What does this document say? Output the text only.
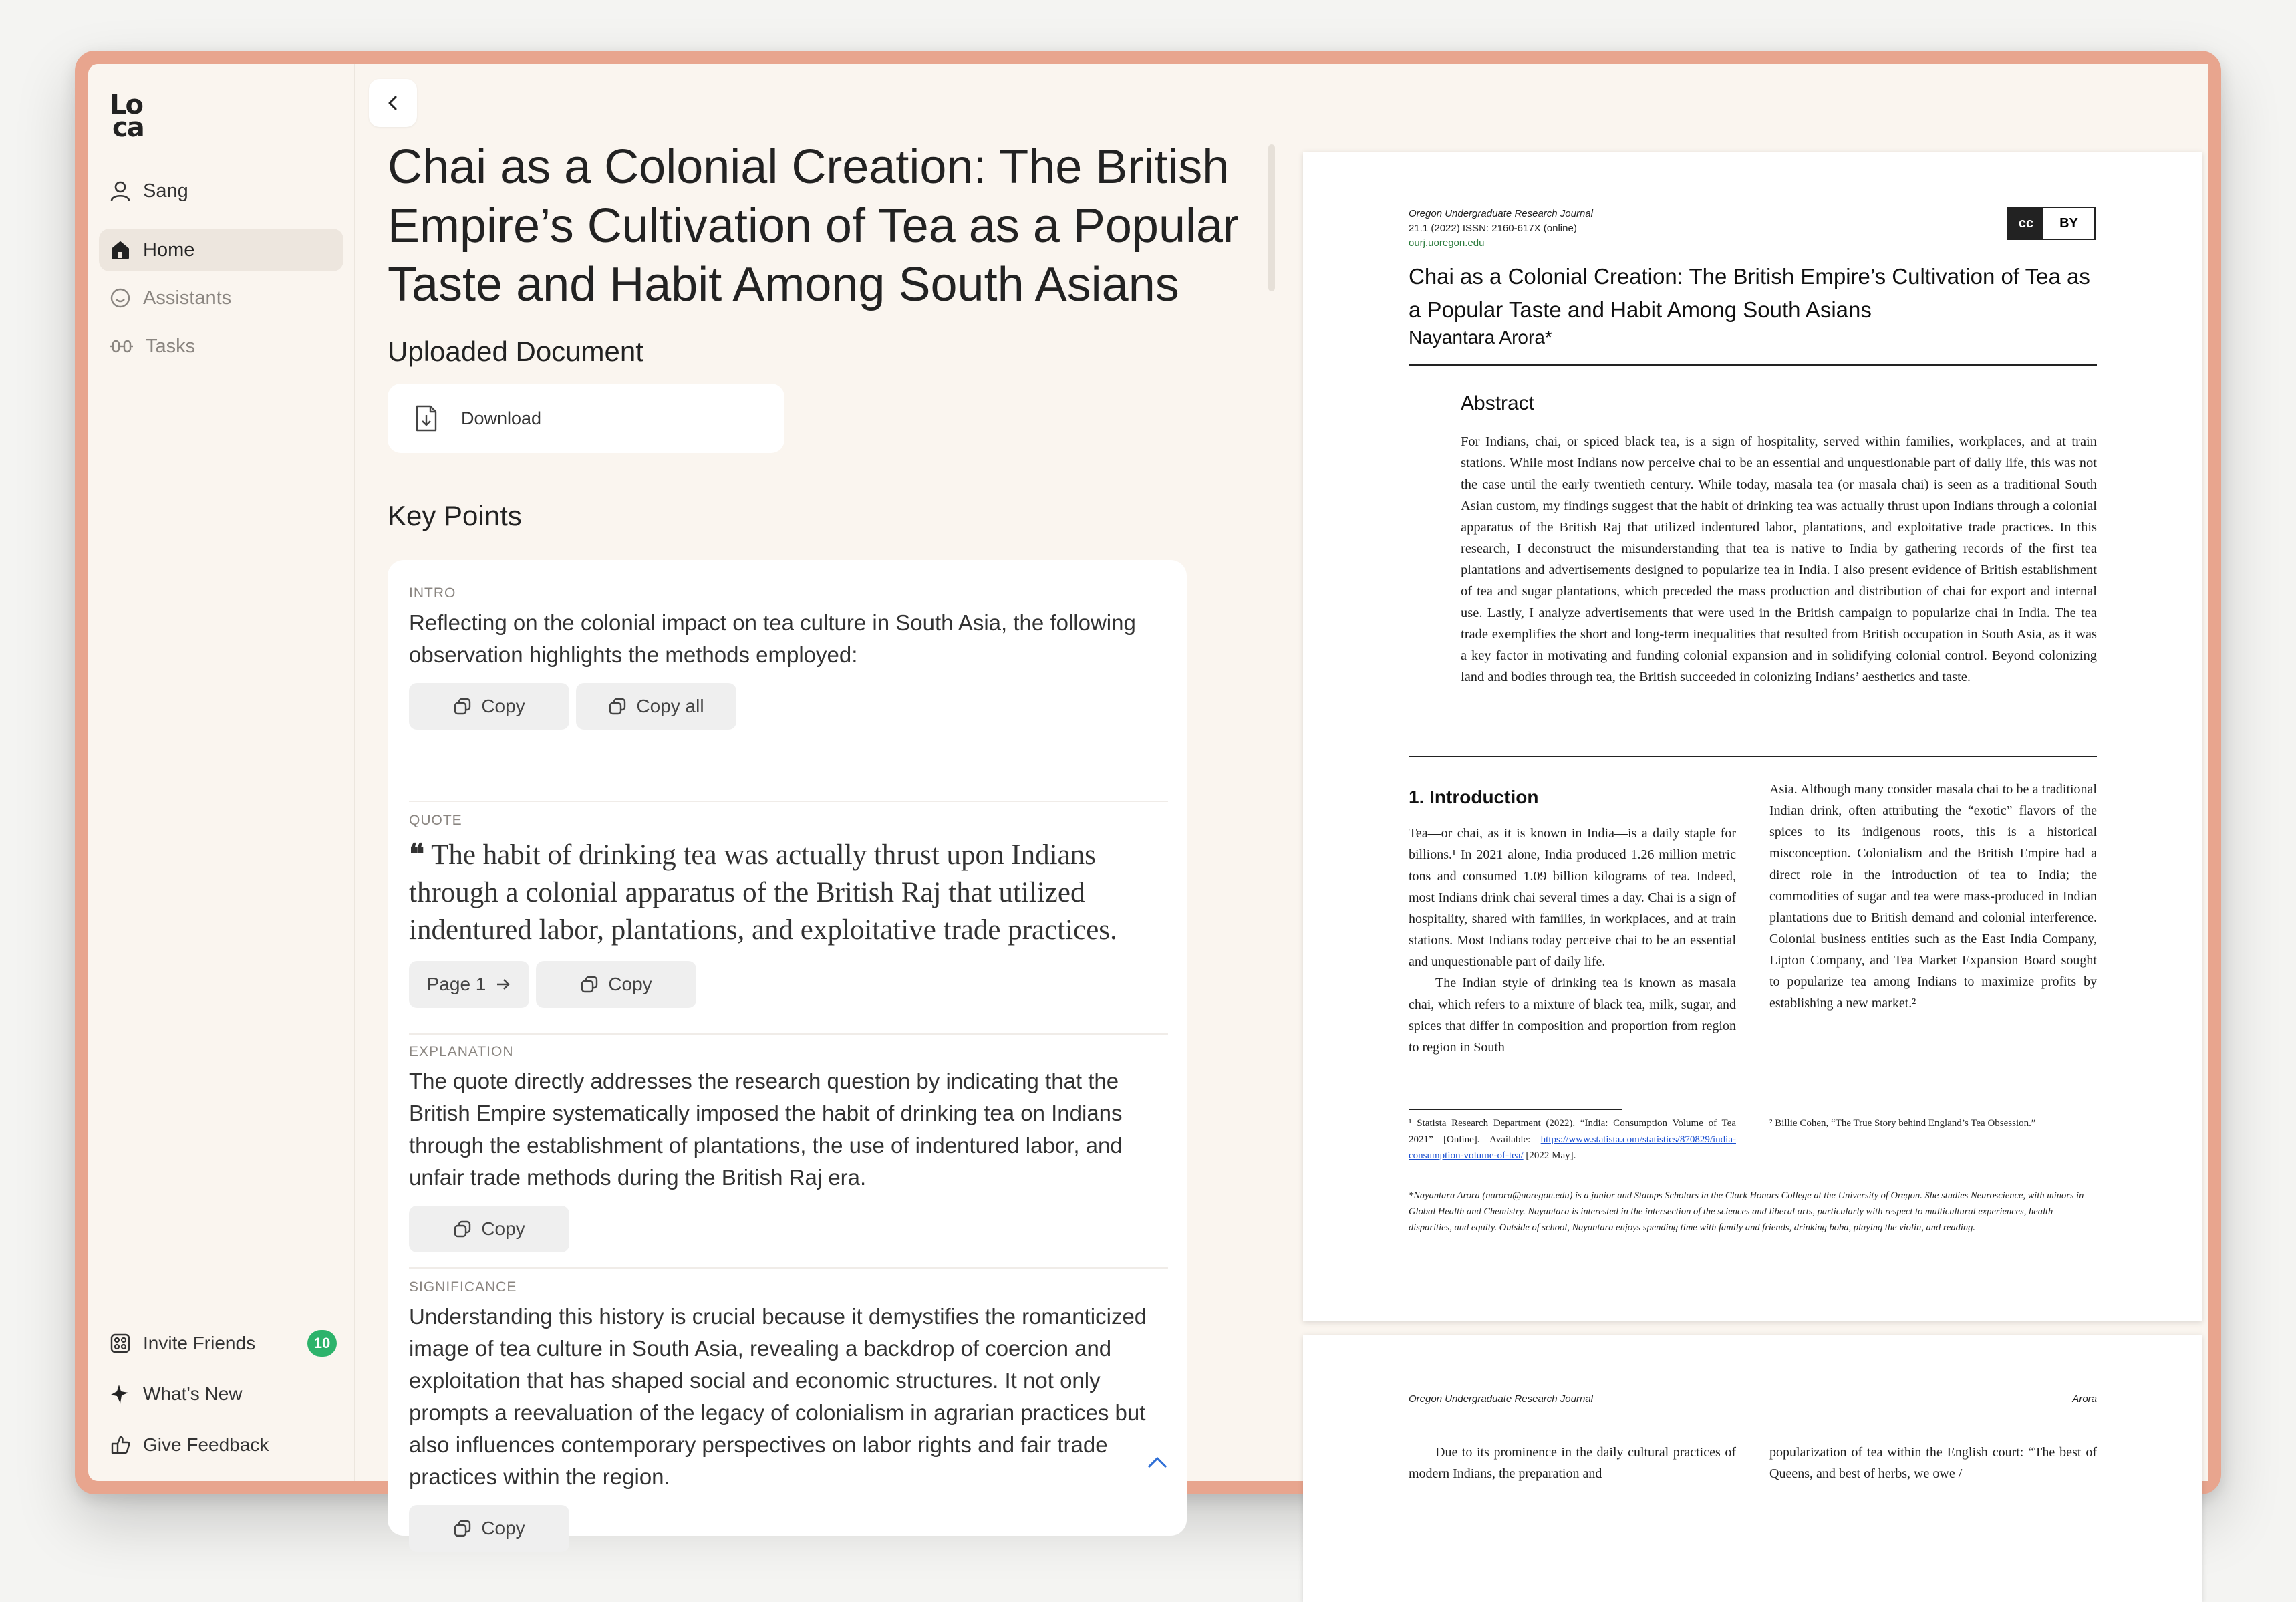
Lo
ca
Sang
Home
Assistants
Tasks
Invite Friends	10
What's New
Give Feedback
Chai as a Colonial Creation: The British Empire’s Cultivation of Tea as a Popular Taste and Habit Among South Asians
Uploaded Document
Download
Key Points
INTRO
Reflecting on the colonial impact on tea culture in South Asia, the following observation highlights the methods employed:
Copy	Copy all
QUOTE
❝ The habit of drinking tea was actually thrust upon Indians through a colonial apparatus of the British Raj that utilized indentured labor, plantations, and exploitative trade practices.
Page 1	Copy
EXPLANATION
The quote directly addresses the research question by indicating that the British Empire systematically imposed the habit of drinking tea on Indians through the establishment of plantations, the use of indentured labor, and unfair trade methods during the British Raj era.
Copy
SIGNIFICANCE
Understanding this history is crucial because it demystifies the romanticized image of tea culture in South Asia, revealing a backdrop of coercion and exploitation that has shaped social and economic structures. It not only prompts a reevaluation of the legacy of colonialism in agrarian practices but also influences contemporary perspectives on labor rights and fair trade practices within the region.
Copy
Oregon Undergraduate Research Journal
21.1 (2022) ISSN: 2160-617X (online)
ourj.uoregon.edu
cc	BY
Chai as a Colonial Creation: The British Empire’s Cultivation of Tea as a Popular Taste and Habit Among South Asians
Nayantara Arora*
Abstract
For Indians, chai, or spiced black tea, is a sign of hospitality, served within families, workplaces, and at train stations. While most Indians now perceive chai to be an essential and unquestionable part of daily life, this was not the case until the early twentieth century. While today, masala tea (or masala chai) is seen as a traditional South Asian custom, my findings suggest that the habit of drinking tea was actually thrust upon Indians through a colonial apparatus of the British Raj that utilized indentured labor, plantations, and exploitative trade practices. In this research, I deconstruct the misunderstanding that tea is native to India by gathering records of the first tea plantations and advertisements designed to popularize tea in India. I also present evidence of British establishment of tea and sugar plantations, which preceded the mass production and distribution of chai for export and internal use. Lastly, I analyze advertisements that were used in the British campaign to popularize chai in India. The tea trade exemplifies the short and long-term inequalities that resulted from British occupation in South Asia, as it was a key factor in motivating and funding colonial expansion and in solidifying colonial control. Beyond colonizing land and bodies through tea, the British succeeded in colonizing Indians’ aesthetics and taste.
1. Introduction

Tea—or chai, as it is known in India—is a daily staple for billions.¹ In 2021 alone, India produced 1.26 million metric tons and consumed 1.09 billion kilograms of tea. Indeed, most Indians drink chai several times a day. Chai is a sign of hospitality, shared with families, in workplaces, and at train stations. Most Indians today perceive chai to be an essential and unquestionable part of daily life.

The Indian style of drinking tea is known as masala chai, which refers to a mixture of black tea, milk, sugar, and spices that differ in composition and proportion from region to region in South

Asia. Although many consider masala chai to be a traditional Indian drink, often attributing the “exotic” flavors of the spices to its indigenous roots, this is a historical misconception. Colonialism and the British Empire had a direct role in the introduction of tea to India; the commodities of sugar and tea were mass-produced in Indian plantations due to British demand and colonial interference. Colonial business entities such as the East India Company, Lipton Company, and Tea Market Expansion Board sought to popularize tea among Indians to maximize profits by establishing a new market.²

¹ Statista Research Department (2022). “India: Consumption Volume of Tea 2021” [Online]. Available: https://www.statista.com/statistics/870829/india-consumption-volume-of-tea/ [2022 May].
² Billie Cohen, “The True Story behind England’s Tea Obsession.”
*Nayantara Arora (narora@uoregon.edu) is a junior and Stamps Scholars in the Clark Honors College at the University of Oregon. She studies Neuroscience, with minors in Global Health and Chemistry. Nayantara is interested in the intersection of the sciences and liberal arts, particularly with respect to multicultural experiences, health disparities, and equity. Outside of school, Nayantara enjoys spending time with family and friends, drinking boba, playing the violin, and reading.
Oregon Undergraduate Research Journal	Arora
Due to its prominence in the daily cultural practices of modern Indians, the preparation and
popularization of tea within the English court: “The best of Queens, and best of herbs, we owe /
